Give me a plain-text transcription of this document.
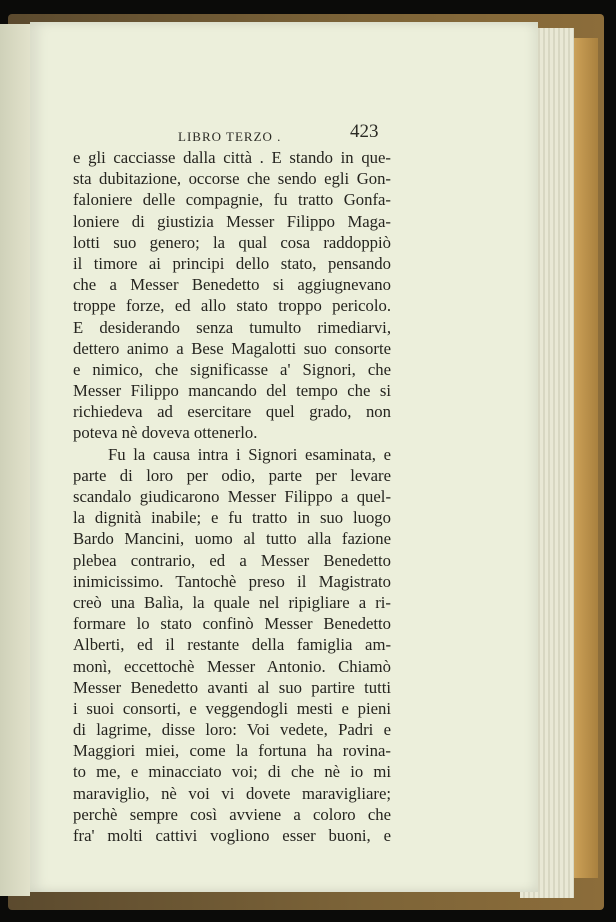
LIBRO TERZO .	423
e gli cacciasse dalla città . E stando in que-
sta dubitazione, occorse che sendo egli Gon-
faloniere delle compagnie, fu tratto Gonfa-
loniere di giustizia Messer Filippo Maga-
lotti suo genero; la qual cosa raddoppiò
il timore ai principi dello stato, pensando
che a Messer Benedetto si aggiugnevano
troppe forze, ed allo stato troppo pericolo.
E desiderando senza tumulto rimediarvi,
dettero animo a Bese Magalotti suo consorte
e nimico, che significasse a' Signori, che
Messer Filippo mancando del tempo che si
richiedeva ad esercitare quel grado, non
poteva nè doveva ottenerlo.
Fu la causa intra i Signori esaminata, e
parte di loro per odio, parte per levare
scandalo giudicarono Messer Filippo a quel-
la dignità inabile; e fu tratto in suo luogo
Bardo Mancini, uomo al tutto alla fazione
plebea contrario, ed a Messer Benedetto
inimicissimo. Tantochè preso il Magistrato
creò una Balìa, la quale nel ripigliare a ri-
formare lo stato confinò Messer Benedetto
Alberti, ed il restante della famiglia am-
monì, eccettochè Messer Antonio. Chiamò
Messer Benedetto avanti al suo partire tutti
i suoi consorti, e veggendogli mesti e pieni
di lagrime, disse loro: Voi vedete, Padri e
Maggiori miei, come la fortuna ha rovina-
to me, e minacciato voi; di che nè io mi
maraviglio, nè voi vi dovete maravigliare;
perchè sempre così avviene a coloro che
fra' molti cattivi vogliono esser buoni, e
